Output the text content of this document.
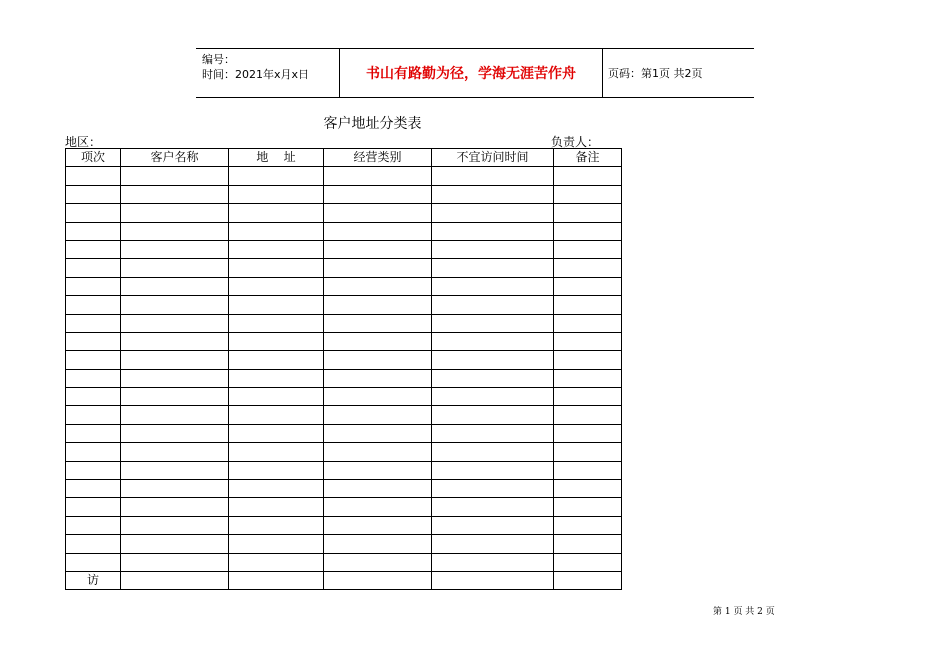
编号：
时间：2021年x月x日	书山有路勤为径，学海无涯苦作舟	页码：第1页 共2页
客户地址分类表
地区：	负责人：
项次	客户名称	地    址	经营类别	不宜访问时间	备注

访					
第 1 页 共 2 页
